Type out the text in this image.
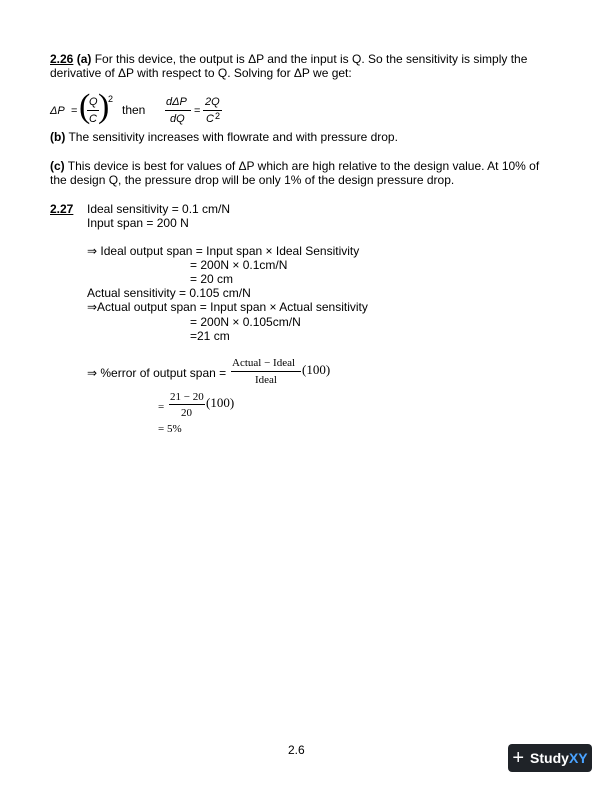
2.26 (a) For this device, the output is ΔP and the input is Q. So the sensitivity is simply the
derivative of ΔP with respect to Q. Solving for ΔP we get:
ΔP = (
Q
C )
2
then
dΔP
dQ
=
2Q
C 2
(b) The sensitivity increases with flowrate and with pressure drop.
(c) This device is best for values of ΔP which are high relative to the design value. At 10% of
the design Q, the pressure drop will be only 1% of the design pressure drop.
2.27 Ideal sensitivity = 0.1 cm/N
Input span = 200 N
⇒ Ideal output span = Input span × Ideal Sensitivity
= 200N × 0.1cm/N
= 20 cm
Actual sensitivity = 0.105 cm/N
⇒Actual output span = Input span × Actual sensitivity
= 200N × 0.105cm/N
=21 cm
⇒ %error of output span =
Actual − Ideal
Ideal
(100)
=
21 − 20
20
(100)
= 5%
2.6	+ StudyXY
